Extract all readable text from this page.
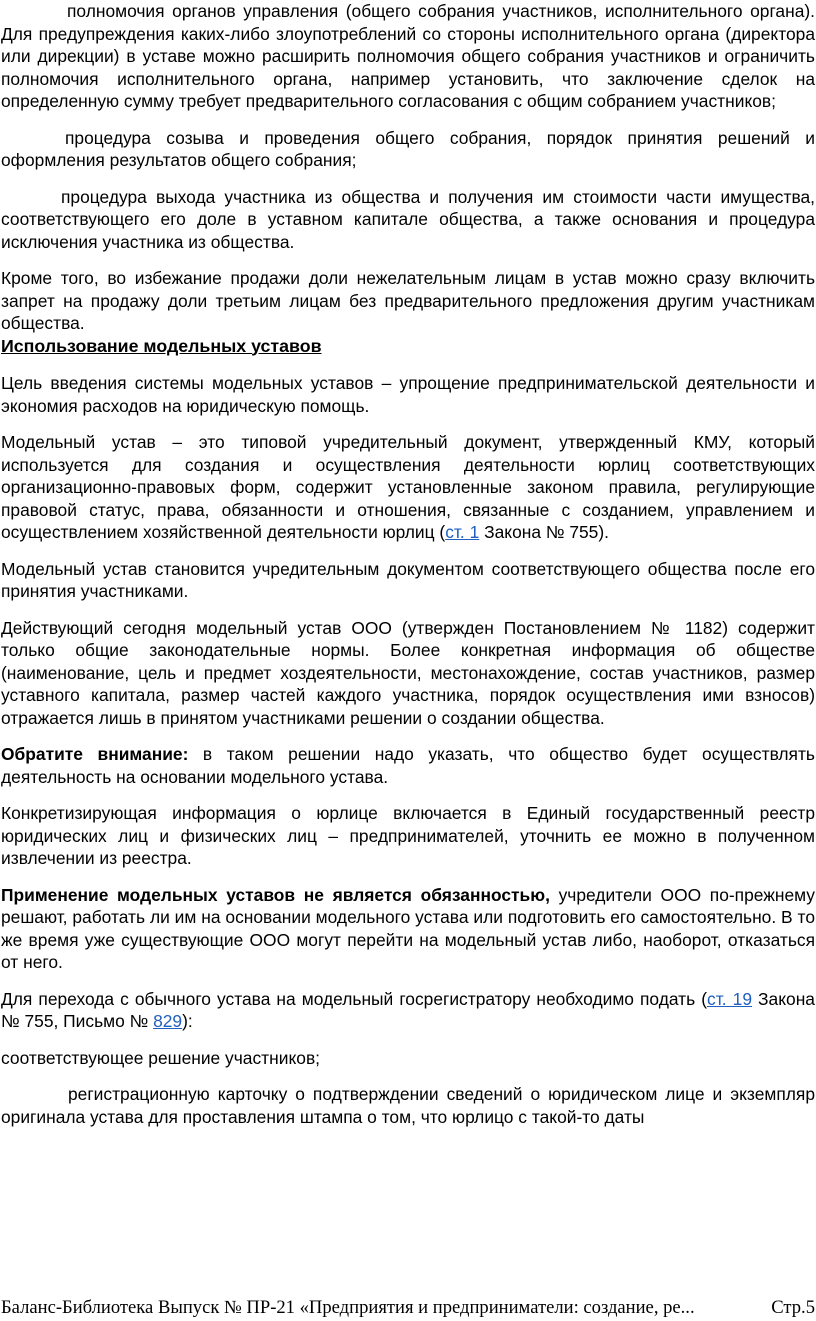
полномочия органов управления (общего собрания участников, исполнительного органа). Для предупреждения каких-либо злоупотреблений со стороны исполнительного органа (директора или дирекции) в уставе можно расширить полномочия общего собрания участников и ограничить полномочия исполнительного органа, например установить, что заключение сделок на определенную сумму требует предварительного согласования с общим собранием участников;

процедура созыва и проведения общего собрания, порядок принятия решений и оформления результатов общего собрания;

процедура выхода участника из общества и получения им стоимости части имущества, соответствующего его доле в уставном капитале общества, а также основания и процедура исключения участника из общества.

Кроме того, во избежание продажи доли нежелательным лицам в устав можно сразу включить запрет на продажу доли третьим лицам без предварительного предложения другим участникам общества.

Использование модельных уставов

Цель введения системы модельных уставов – упрощение предпринимательской деятельности и экономия расходов на юридическую помощь.

Модельный устав – это типовой учредительный документ, утвержденный КМУ, который используется для создания и осуществления деятельности юрлиц соответствующих организационно-правовых форм, содержит установленные законом правила, регулирующие правовой статус, права, обязанности и отношения, связанные с созданием, управлением и осуществлением хозяйственной деятельности юрлиц (ст. 1 Закона № 755).

Модельный устав становится учредительным документом соответствующего общества после его принятия участниками.

Действующий сегодня модельный устав ООО (утвержден Постановлением № 1182) содержит только общие законодательные нормы. Более конкретная информация об обществе (наименование, цель и предмет хоздеятельности, местонахождение, состав участников, размер уставного капитала, размер частей каждого участника, порядок осуществления ими взносов) отражается лишь в принятом участниками решении о создании общества.

Обратите внимание: в таком решении надо указать, что общество будет осуществлять деятельность на основании модельного устава.

Конкретизирующая информация о юрлице включается в Единый государственный реестр юридических лиц и физических лиц – предпринимателей, уточнить ее можно в полученном извлечении из реестра.

Применение модельных уставов не является обязанностью, учредители ООО по-прежнему решают, работать ли им на основании модельного устава или подготовить его самостоятельно. В то же время уже существующие ООО могут перейти на модельный устав либо, наоборот, отказаться от него.

Для перехода с обычного устава на модельный госрегистратору необходимо подать (ст. 19 Закона № 755, Письмо № 829):

соответствующее решение участников;

регистрационную карточку о подтверждении сведений о юридическом лице и экземпляр оригинала устава для проставления штампа о том, что юрлицо с такой-то даты

Баланс-Библиотека Выпуск № ПР-21 «Предприятия и предприниматели: создание, ре...	Стр.5
